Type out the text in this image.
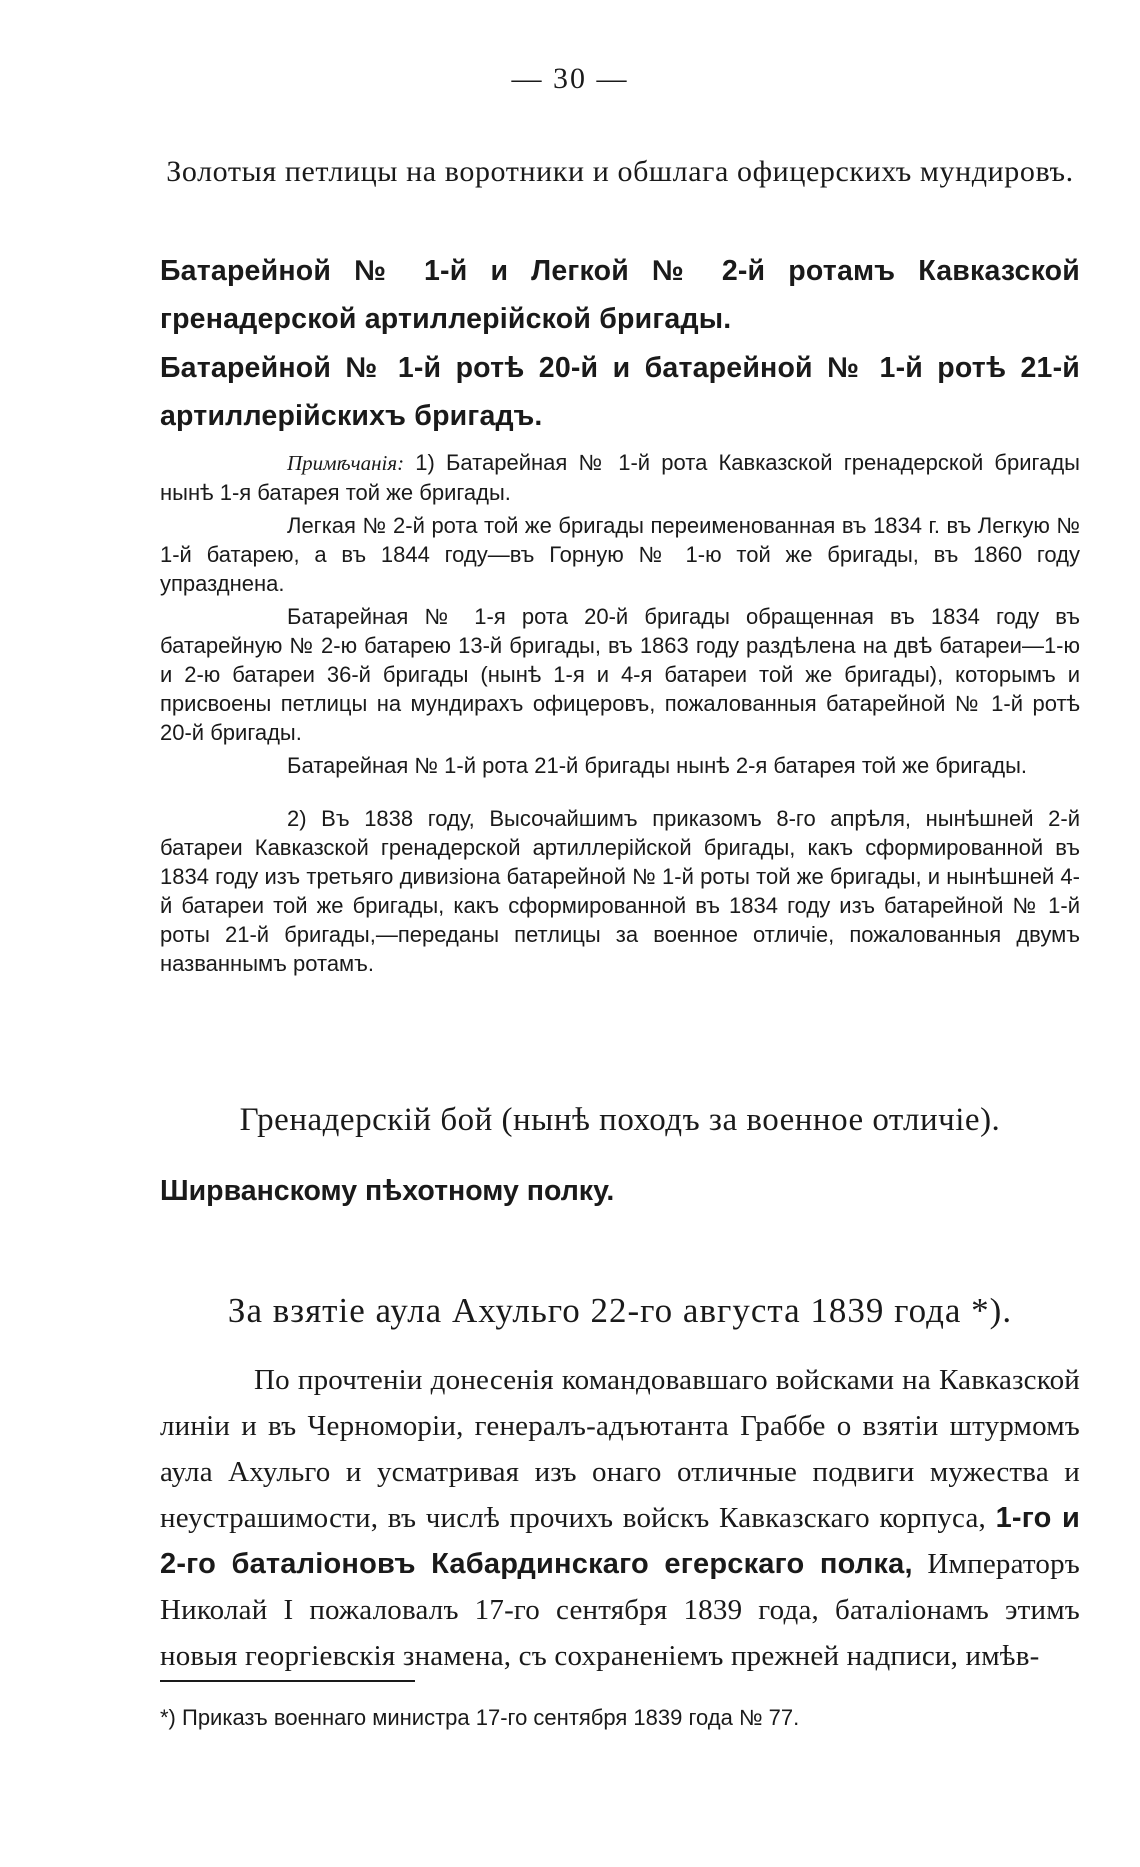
— 30 —
Золотыя петлицы на воротники и обшлага офицерскихъ мундировъ.
Батарейной № 1-й и Легкой № 2-й ротамъ Кавказской гренадерской артиллерійской бригады.
Батарейной № 1-й ротѣ 20-й и батарейной № 1-й ротѣ 21-й артиллерійскихъ бригадъ.

Примѣчанія: 1) Батарейная № 1-й рота Кавказской гренадерской бригады нынѣ 1-я батарея той же бригады.

Легкая № 2-й рота той же бригады переименованная въ 1834 г. въ Легкую № 1-й батарею, а въ 1844 году—въ Горную № 1-ю той же бригады, въ 1860 году упразднена.

Батарейная № 1-я рота 20-й бригады обращенная въ 1834 году въ батарейную № 2-ю батарею 13-й бригады, въ 1863 году раздѣлена на двѣ батареи—1-ю и 2-ю батареи 36-й бригады (нынѣ 1-я и 4-я батареи той же бригады), которымъ и присвоены петлицы на мундирахъ офицеровъ, пожалованныя батарейной № 1-й ротѣ 20-й бригады.

Батарейная № 1-й рота 21-й бригады нынѣ 2-я батарея той же бригады.

2) Въ 1838 году, Высочайшимъ приказомъ 8-го апрѣля, нынѣшней 2-й батареи Кавказской гренадерской артиллерійской бригады, какъ сформированной въ 1834 году изъ третьяго дивизіона батарейной № 1-й роты той же бригады, и нынѣшней 4-й батареи той же бригады, какъ сформированной въ 1834 году изъ батарейной № 1-й роты 21-й бригады,—переданы петлицы за военное отличіе, пожалованныя двумъ названнымъ ротамъ.

Гренадерскій бой (нынѣ походъ за военное отличіе).
Ширванскому пѣхотному полку.
За взятіе аула Ахульго 22-го августа 1839 года *).

По прочтеніи донесенія командовавшаго войсками на Кавказской линіи и въ Черноморіи, генералъ-адъютанта Граббе о взятіи штурмомъ аула Ахульго и усматривая изъ онаго отличные подвиги мужества и неустрашимости, въ числѣ прочихъ войскъ Кавказскаго корпуса, 1-го и 2-го баталіоновъ Кабардинскаго егерскаго полка, Императоръ Николай I пожаловалъ 17-го сентября 1839 года, баталіонамъ этимъ новыя георгіевскія знамена, съ сохраненіемъ прежней надписи, имѣв-

*) Приказъ военнаго министра 17-го сентября 1839 года № 77.
